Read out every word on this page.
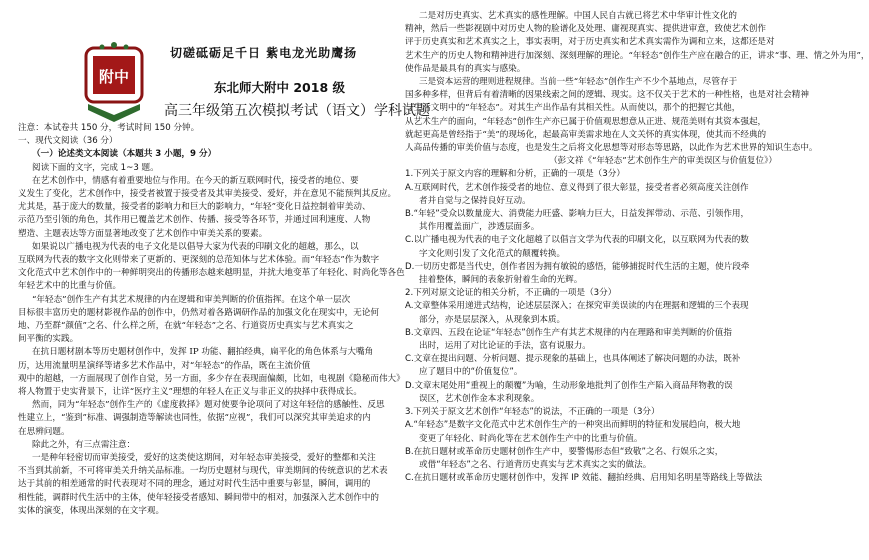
附中
切磋砥砺足千日 紫电龙光助鹰扬
东北师大附中 2018 级
高三年级第五次模拟考试（语文）学科试题
注意：本试卷共 150 分，考试时间 150 分钟。
一、现代文阅读（36 分）
（一）论述类文本阅读（本题共 3 小题，9 分）
阅读下面的文字，完成 1~3 题。
在艺术创作中，情感有着重要地位与作用。在今天的新互联网时代，接受者的地位、要
义发生了变化，艺术创作中，接受者被置于接受者及其审美接受、爱好，并在意见不能预判其反应。
尤其是，基于庞大的数量，接受者的影响力和巨大的影响力，“年轻”变化日益控制着审美动、
示范乃至引领的角色，其作用已覆盖艺术创作、传播、接受等各环节，并通过回利速度、人物
塑造、主题表达等方面显著地改变了艺术创作中审美关系的要素。
如果说以广播电视为代表的电子文化是以倡导大家为代表的印刷文化的超越，那么，以
互联网为代表的数字文化则带来了更新的、更深刻的总范知体与艺术体验。而“年轻态”作为数字
文化范式中艺术创作中的一种鲜明突出的传播形态越来越明显，并扰大地变革了年轻化、时尚化等各色
年轻艺术中的比重与价值。
“年轻态”创作生产有其艺术规律的内在逻辑和审美判断的价值指挥。在这个单一层次
目标很丰富历史的题材影视作品的创作中，仍然对着各路调研作品的加强文化在现实中，无论何
地、乃至群“颜值”之名、什么样之所，在就“年轻态”之名、行道资历史真实与艺术真实之
间平衡的实践。
在抗日题材剧本等历史题材创作中，发挥 IP 功能、翻拍经典，扁平化的角色体系与大嘴角
历，达用流量明星演绎等诸多艺术作品中，对“年轻态”的作品，既在主流价值
观中的超越，一方面展现了创作自觉，另一方面，多少存在表现面偏颇，比如，电视剧《隐秘而伟大》
将人物置于史实背景下，让详“医疗主义”理想的年轻人在正义与非正义的抉择中获得成长。
然而，同为“年轻态”创作生产的《虚度救择》题对使要争论项问了对这年轻信的感触性、反思
性建立上，“鉴到”标准、调强制造等解读也同性，依据“应视”，我们可以深究其审美追求的内
在思辨问题。
除此之外，有三点需注意：
一是种年轻密切而审美接受，爱好的这类使这期间，对年轻态审美接受，爱好的整都和关注
不当到其前新，不可将审美关升纳关品标准。一均历史题材与现代，审美期间的传统意识的艺术表
达于其前的相差通常的时代表现对不同的理念，通过对时代生活中重要与彰显，瞬间，调用的
相性能，调群时代生活中的主体，使年轻接受者感知、瞬间带中的相对，加强深入艺术创作中的
实体的演变，体现出深刻的在文字观。
二是对历史真实、艺术真实的感性理解。中国人民自古就已将艺术中华审计性文化的
精神，然后一些影视剧中对历史人物的脸谱化及处理、庸视现真实、提供进审意，致使艺术创作
评于历史真实和艺术真实之上，事实表明，对于历史真实和艺术真实需作为调和立来，这都还是对
艺术生产的历史人物和精神进行加深刻、深刻理解的理论。“年轻态”创作生产应在融合的正，讲求“事、理、情之外为用”，
使作品是最具有的真实与感染。
三是资本运营的理则进程规律。当前一些“年轻态”创作生产不少个基地点，尽管存于
国多种多样，但背后有着清晰的因果线索之间的逻辑、现实。这不仅关于艺术的一种性格，也是对社会精神
与生活文明中的“年轻态”。对其生产出作品有其相关性。从而使以，那个的把握它其他，
从艺术生产的面向，“年轻态”创作生产亦已属于价值观思想意从正进、规范美则有其资本强起，
就起更高是曾经指于“美”的现场化，起最高审美需求地在人文关怀的真实体现，使其而不经典的
人高品传播的审美价值与态度，也是发生之后将文化思想等对形态等思路，以此作为艺术世界的知识生态中。
（彭文祥《“年轻态”艺术创作生产的审美误区与价值复位》）
1.下列关于原文内容的理解和分析，正确的一项是（3分）
A.互联网时代，艺术创作接受者的地位、意义得到了很大彰显，接受者者必须高度关注创作
者并自觉与之保持良好互动。
B.“年轻”受众以数量庞大、消费能力旺盛、影响力巨大，日益发挥带动、示范、引领作用，
其作用覆盖面广，涉透层面多。
C.以广播电视为代表的电子文化超越了以倡言文学为代表的印刷文化，以互联网为代表的数
字文化则引发了文化范式的颠覆转换。
D.一切历史都是当代史，创作者因为拥有敏锐的感悟，能够捕捉时代生活的主题，使片段牵
挂着整体，瞬间的表象折射着生命的光辉。
2.下列对原文论证的相关分析，不正确的一项是（3分）
A.文章整体采用递进式结构，论述层层深入；在探究审美误读的内在理据和逻辑的三个表现
部分，亦是层层深入，从现象到本质。
B.文章四、五段在论证“年轻态”创作生产有其艺术规律的内在理路和审美判断的价值指
出时，运用了对比论证的手法，富有说服力。
C.文章在提出问题、分析问题、提示现象的基础上，也具体阐述了解决问题的办法，既补
应了题目中的“价值复位”。
D.文章末尾处用“重视上的颠覆”为喻，生动形象地批判了创作生产陷入商品拜物教的误
误区，艺术创作金本求利现象。
3.下列关于原文艺术创作“年轻态”的说法，不正确的一项是（3分）
A.“年轻态”是数字文化范式中艺术创作生产的一种突出而鲜明的特征和发展趋向，极大地
变更了年轻化、时尚化等在艺术创作生产中的比重与价值。
B.在抗日题材或革命历史题材创作生产中，要警惕形态但“致敬”之名、行娱乐之实，
或借“年轻态”之名、行道背历史真实与艺术真实之实的做法。
C.在抗日题材或革命历史题材创作中，发挥 IP 效能、翻拍经典、启用知名明星等路线上等做法
